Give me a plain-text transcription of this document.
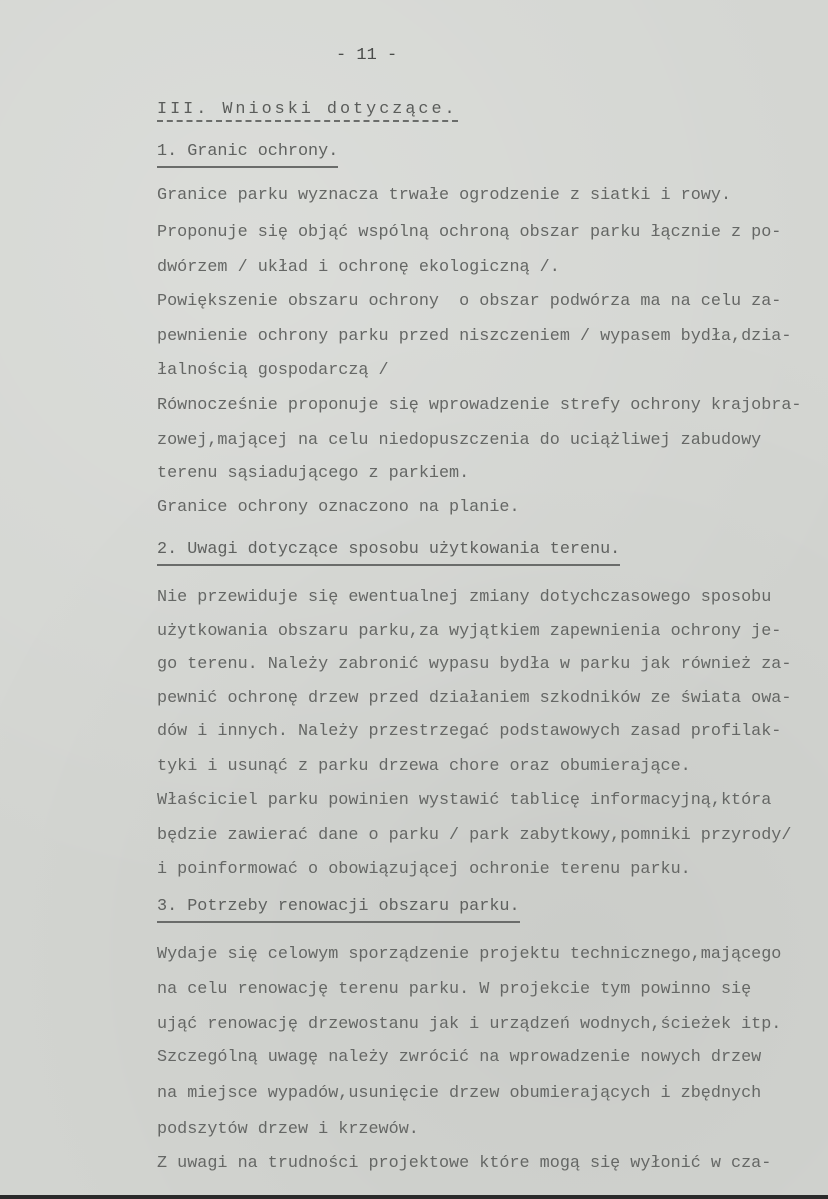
- 11 -
III. Wnioski dotyczące.
1. Granic ochrony.
Granice parku wyznacza trwałe ogrodzenie z siatki i rowy.
Proponuje się objąć wspólną ochroną obszar parku łącznie z po-
dwórzem / układ i ochronę ekologiczną /.
Powiększenie obszaru ochrony  o obszar podwórza ma na celu za-
pewnienie ochrony parku przed niszczeniem / wypasem bydła,dzia-
łalnością gospodarczą /
Równocześnie proponuje się wprowadzenie strefy ochrony krajobra-
zowej,mającej na celu niedopuszczenia do uciążliwej zabudowy
terenu sąsiadującego z parkiem.
Granice ochrony oznaczono na planie.
2. Uwagi dotyczące sposobu użytkowania terenu.
Nie przewiduje się ewentualnej zmiany dotychczasowego sposobu
użytkowania obszaru parku,za wyjątkiem zapewnienia ochrony je-
go terenu. Należy zabronić wypasu bydła w parku jak również za-
pewnić ochronę drzew przed działaniem szkodników ze świata owa-
dów i innych. Należy przestrzegać podstawowych zasad profilak-
tyki i usunąć z parku drzewa chore oraz obumierające.
Właściciel parku powinien wystawić tablicę informacyjną,która
będzie zawierać dane o parku / park zabytkowy,pomniki przyrody/
i poinformować o obowiązującej ochronie terenu parku.
3. Potrzeby renowacji obszaru parku.
Wydaje się celowym sporządzenie projektu technicznego,mającego
na celu renowację terenu parku. W projekcie tym powinno się
ująć renowację drzewostanu jak i urządzeń wodnych,ścieżek itp.
Szczególną uwagę należy zwrócić na wprowadzenie nowych drzew
na miejsce wypadów,usunięcie drzew obumierających i zbędnych
podszytów drzew i krzewów.
Z uwagi na trudności projektowe które mogą się wyłonić w cza-
